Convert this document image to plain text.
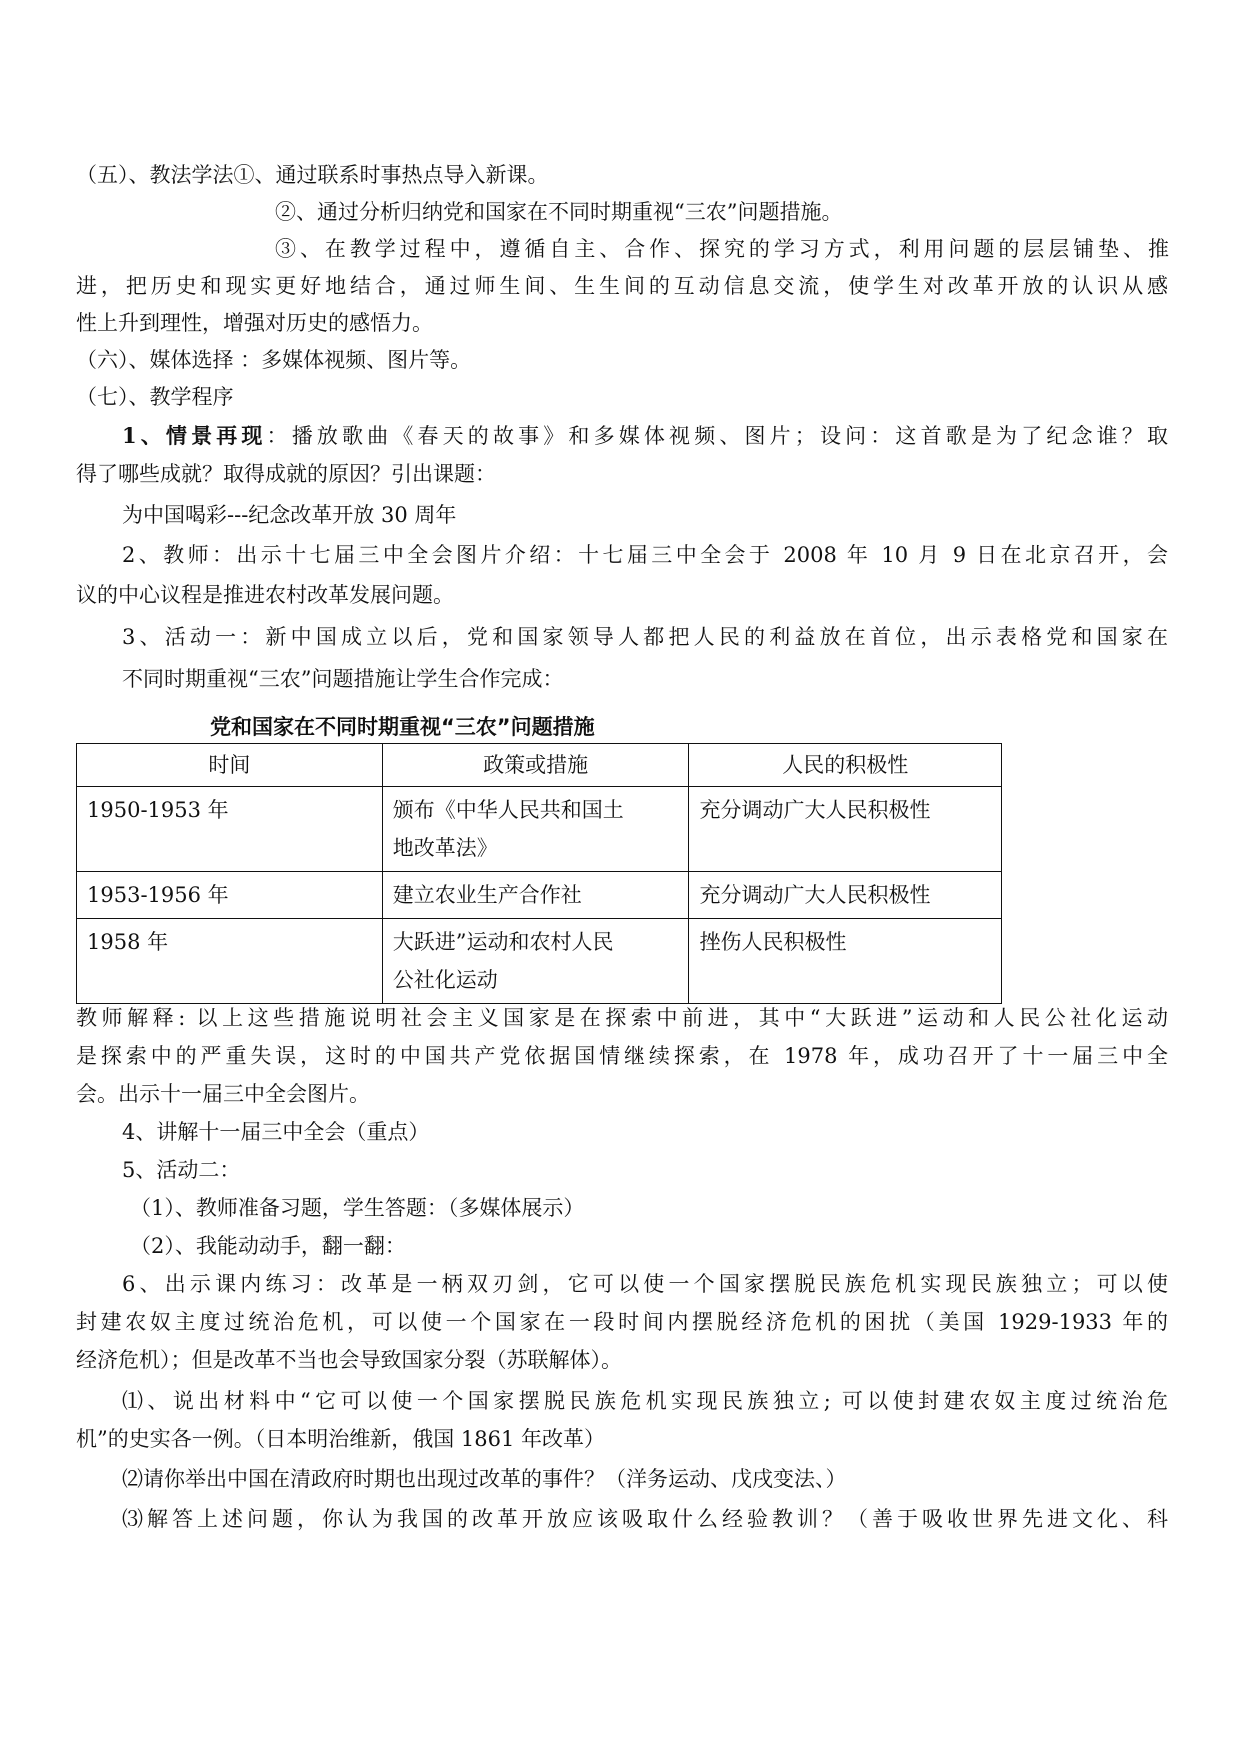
（五）、教法学法①、通过联系时事热点导入新课。
②、通过分析归纳党和国家在不同时期重视“三农”问题措施。
③、在教学过程中，遵循自主、合作、探究的学习方式，利用问题的层层铺垫、推
进，把历史和现实更好地结合，通过师生间、生生间的互动信息交流，使学生对改革开放的认识从感
性上升到理性，增强对历史的感悟力。
（六）、媒体选择 ：多媒体视频、图片等。
（七）、教学程序
1、情景再现：播放歌曲《春天的故事》和多媒体视频、图片；设问：这首歌是为了纪念谁？取
得了哪些成就？取得成就的原因？引出课题：
为中国喝彩---纪念改革开放 30 周年
2、教师：出示十七届三中全会图片介绍：十七届三中全会于 2008 年 10 月 9 日在北京召开，会
议的中心议程是推进农村改革发展问题。
3、活动一：新中国成立以后，党和国家领导人都把人民的利益放在首位，出示表格党和国家在
不同时期重视“三农”问题措施让学生合作完成：
党和国家在不同时期重视“三农”问题措施
时间	政策或措施	人民的积极性
1950-1953 年	颁布《中华人民共和国土
地改革法》	充分调动广大人民积极性
1953-1956 年	建立农业生产合作社	充分调动广大人民积极性
1958 年	大跃进”运动和农村人民
公社化运动	挫伤人民积极性
教师解释: 以上这些措施说明社会主义国家是在探索中前进，其中“大跃进”运动和人民公社化运动
是探索中的严重失误，这时的中国共产党依据国情继续探索，在 1978 年，成功召开了十一届三中全
会。出示十一届三中全会图片。
4、讲解十一届三中全会（重点）
5、活动二：
（1）、教师准备习题，学生答题：（多媒体展示）
（2）、我能动动手，翻一翻：
6、出示课内练习：改革是一柄双刃剑，它可以使一个国家摆脱民族危机实现民族独立；可以使
封建农奴主度过统治危机，可以使一个国家在一段时间内摆脱经济危机的困扰（美国 1929-1933 年的
经济危机）；但是改革不当也会导致国家分裂（苏联解体）。
⑴、说出材料中“它可以使一个国家摆脱民族危机实现民族独立; 可以使封建农奴主度过统治危
机”的史实各一例。（日本明治维新，俄国 1861 年改革）
⑵请你举出中国在清政府时期也出现过改革的事件？（洋务运动、戊戌变法、）
⑶解答上述问题，你认为我国的改革开放应该吸取什么经验教训？（善于吸收世界先进文化、科
